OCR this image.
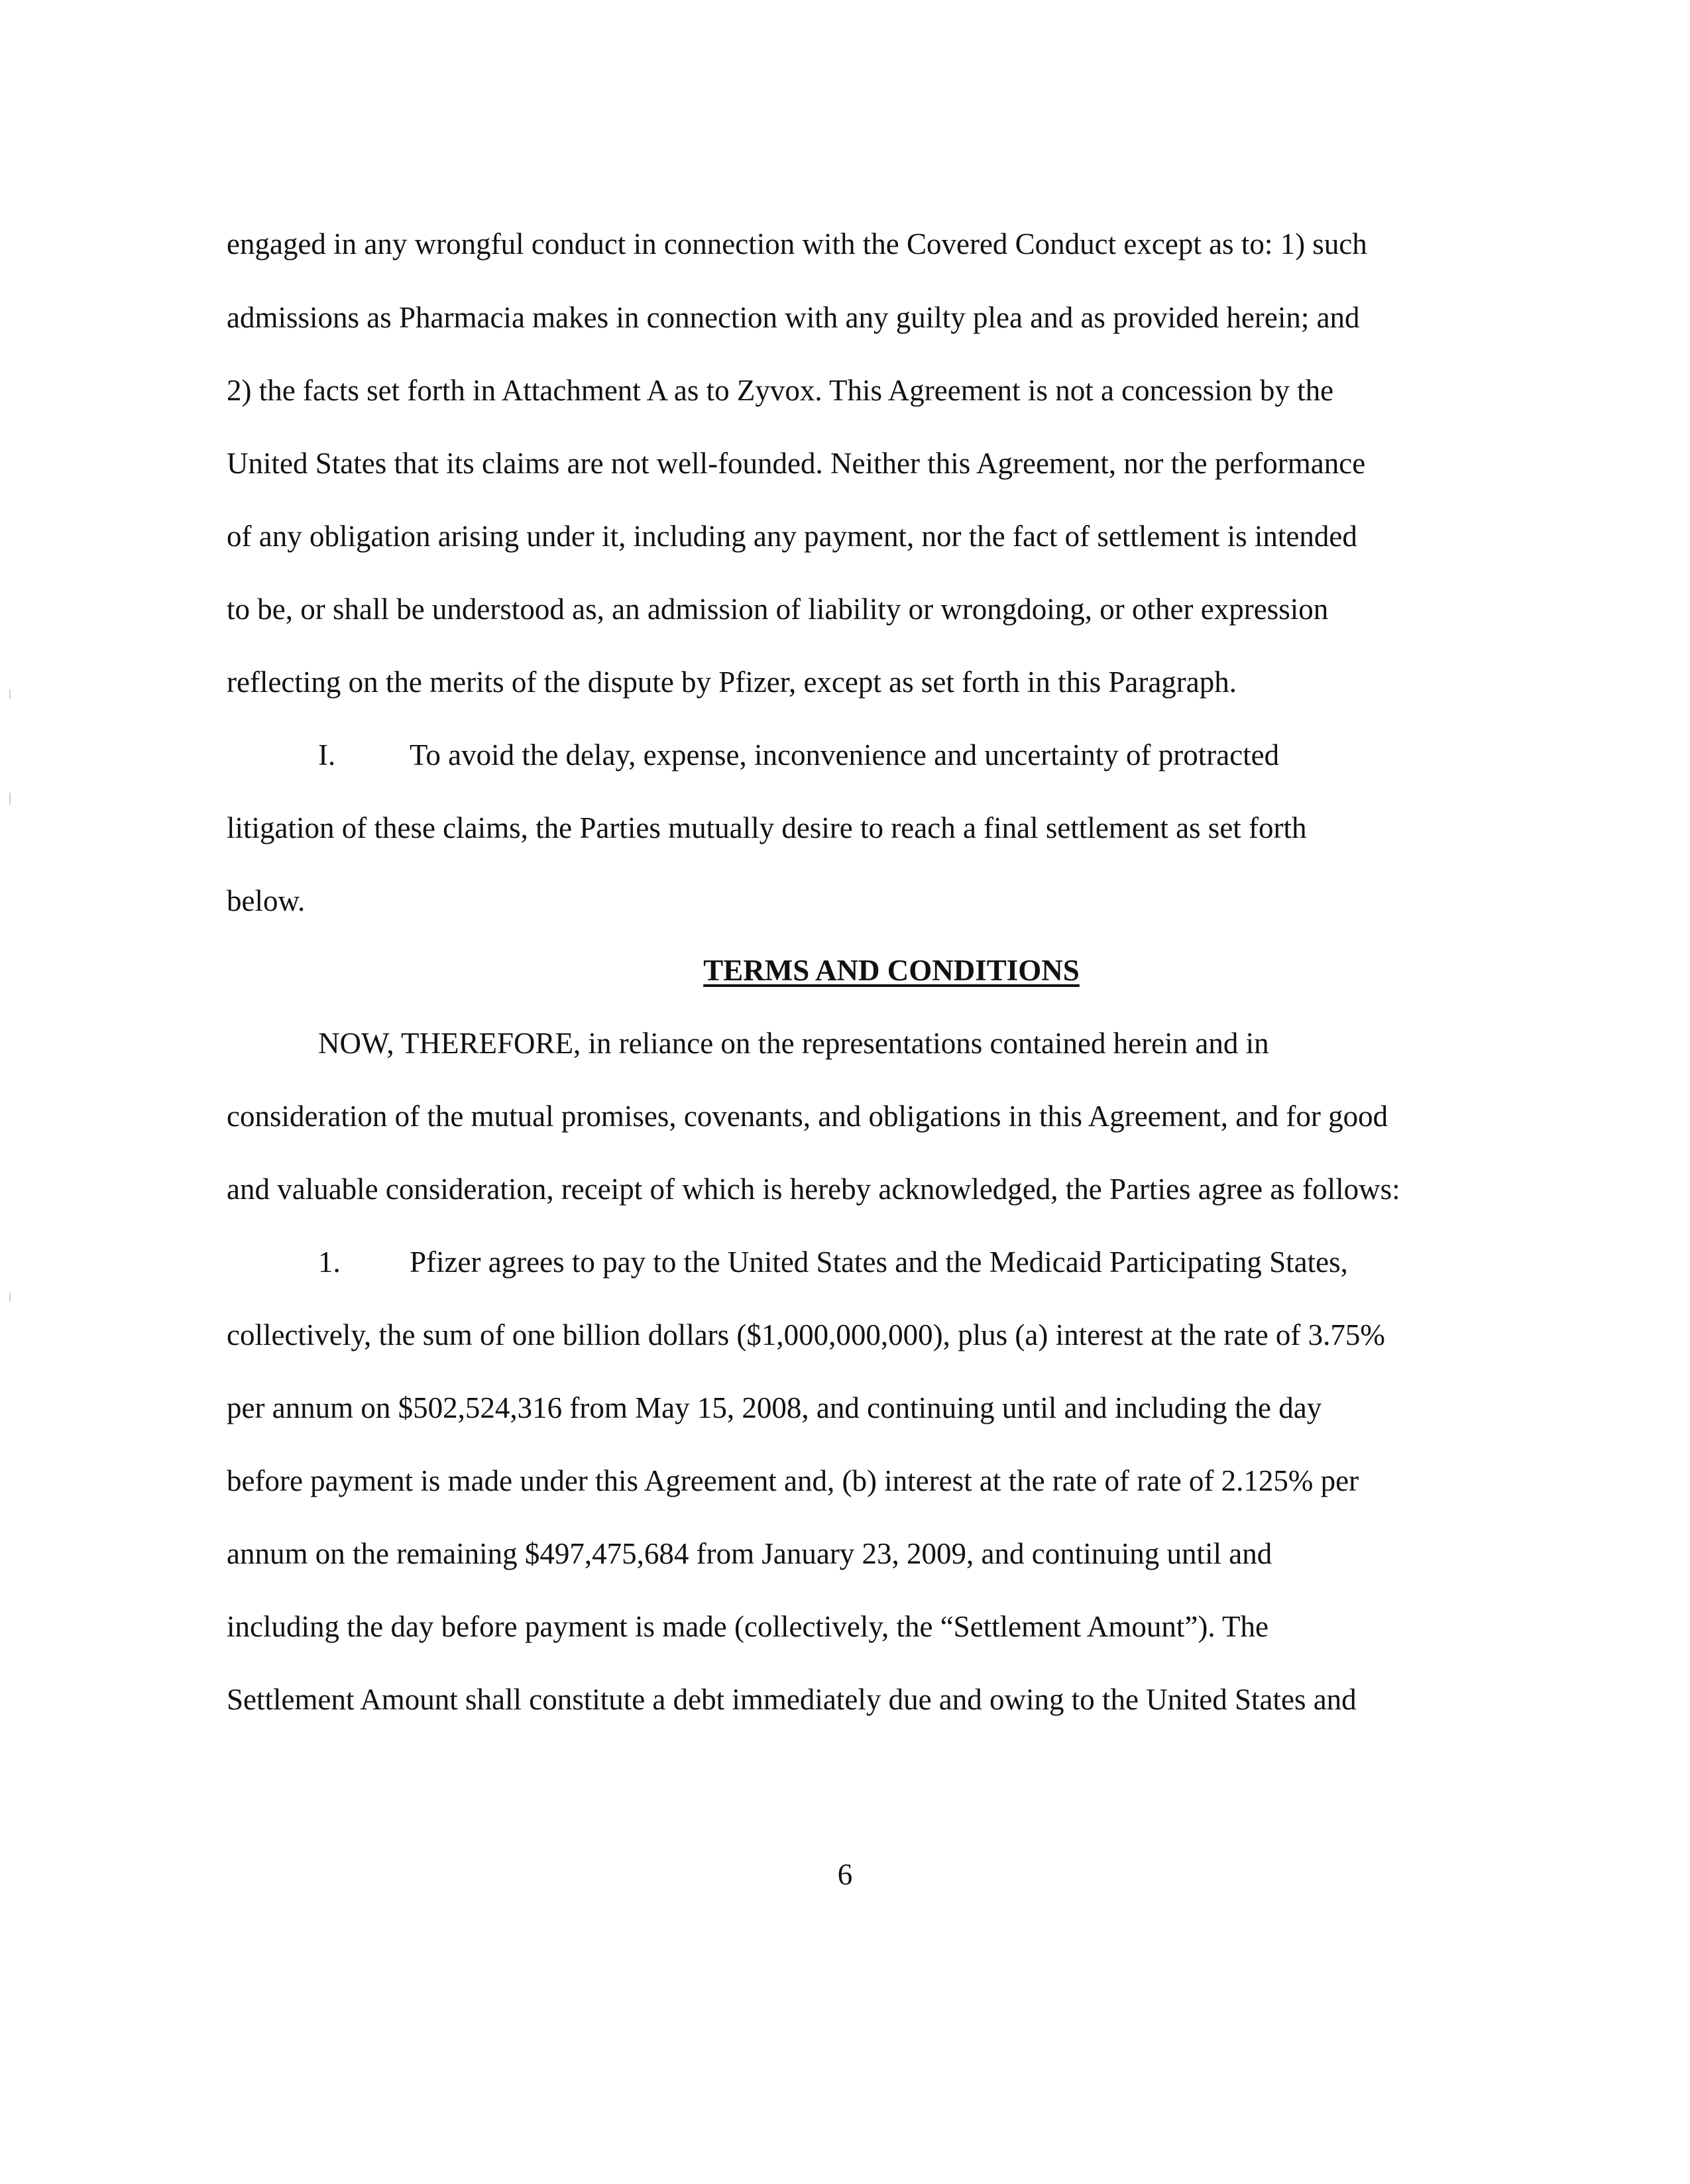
engaged in any wrongful conduct in connection with the Covered Conduct except as to: 1) such

admissions as Pharmacia makes in connection with any guilty plea and as provided herein; and

2) the facts set forth in Attachment A as to Zyvox. This Agreement is not a concession by the

United States that its claims are not well-founded. Neither this Agreement, nor the performance

of any obligation arising under it, including any payment, nor the fact of settlement is intended

to be, or shall be understood as, an admission of liability or wrongdoing, or other expression

reflecting on the merits of the dispute by Pfizer, except as set forth in this Paragraph.

I. To avoid the delay, expense, inconvenience and uncertainty of protracted

litigation of these claims, the Parties mutually desire to reach a final settlement as set forth

below.

TERMS AND CONDITIONS

NOW, THEREFORE, in reliance on the representations contained herein and in

consideration of the mutual promises, covenants, and obligations in this Agreement, and for good

and valuable consideration, receipt of which is hereby acknowledged, the Parties agree as follows:

1. Pfizer agrees to pay to the United States and the Medicaid Participating States,

collectively, the sum of one billion dollars ($1,000,000,000), plus (a) interest at the rate of 3.75%

per annum on $502,524,316 from May 15, 2008, and continuing until and including the day

before payment is made under this Agreement and, (b) interest at the rate of rate of 2.125% per

annum on the remaining $497,475,684 from January 23, 2009, and continuing until and

including the day before payment is made (collectively, the “Settlement Amount”). The

Settlement Amount shall constitute a debt immediately due and owing to the United States and

6
